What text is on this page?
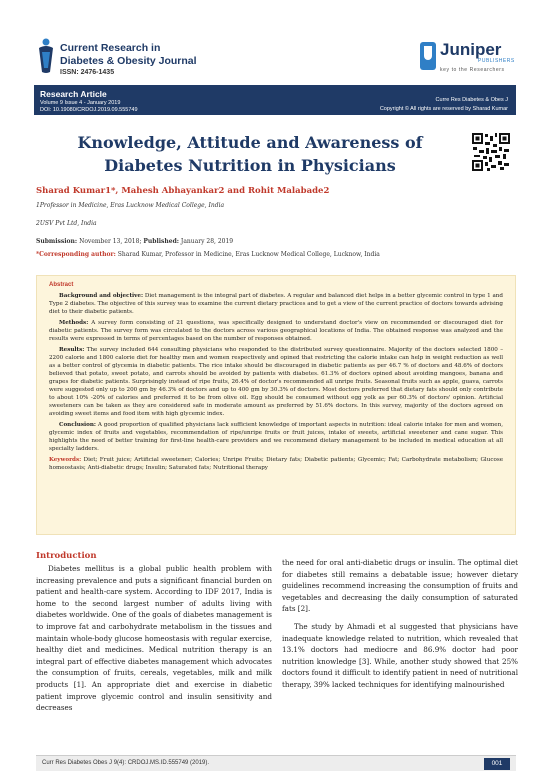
Current Research in
Diabetes & Obesity Journal
ISSN: 2476-1435
Juniper
PUBLISHERS
key to the Researchers
Research Article
Volume 9 Issue 4 - January 2019
DOI: 10.19080/CRDOJ.2019.09.555749
Curre Res Diabetes & Obes J
Copyright © All rights are reserved by Sharad Kumar
Knowledge, Attitude and Awareness of
Diabetes Nutrition in Physicians
Sharad Kumar1*, Mahesh Abhayankar2 and Rohit Malabade2
1Professor in Medicine, Eras Lucknow Medical College, India
2USV Pvt Ltd, India
Submission: November 13, 2018; Published: January 28, 2019
*Corresponding author: Sharad Kumar, Professor in Medicine, Eras Lucknow Medical College, Lucknow, India
Abstract

Background and objective: Diet management is the integral part of diabetes. A regular and balanced diet helps in a better glycemic control in type 1 and Type 2 diabetes. The objective of this survey was to examine the current dietary practices and to get a view of the current practice of doctors towards advising diet to their diabetic patients.

Methods: A survey form consisting of 21 questions, was specifically designed to understand doctor's view on recommended or discouraged diet for diabetic patients. The survey form was circulated to the doctors across various geographical locations of India. The obtained response was analyzed and the results were expressed in terms of percentages based on the number of responses obtained.

Results: The survey included 644 consulting physicians who responded to the distributed survey questionnaire. Majority of the doctors selected 1800 – 2200 calorie and 1800 calorie diet for healthy men and women respectively and opined that restricting the calorie intake can help in weight reduction as well as a better control of glycemia in diabetic patients. The rice intake should be discouraged in diabetic patients as per 46.7 % of doctors and 48.6% of doctors believed that potato, sweet potato, and carrots should be avoided by patients with diabetes. 61.3% of doctors opined about avoiding mangoes, banana and grapes for diabetic patients. Surprisingly instead of ripe fruits, 26.4% of doctor's recommended all unripe fruits. Seasonal fruits such as apple, guava, carrots were suggested only up to 200 gm by 46.3% of doctors and up to 400 gm by 30.3% of doctors. Most doctors preferred that dietary fats should only contribute to about 10% -20% of calories and preferred it to be from olive oil. Egg should be consumed without egg yolk as per 60.3% of doctors' opinion. Artificial sweeteners can be taken as they are considered safe in moderate amount as preferred by 51.6% doctors. In this survey, majority of the doctors agreed on avoiding sweet items and food item with high glycemic index.

Conclusion: A good proportion of qualified physicians lack sufficient knowledge of important aspects in nutrition: ideal calorie intake for men and women, glycemic index of fruits and vegetables, recommendation of ripe/unripe fruits or fruit juices, intake of sweets, artificial sweetener and cane sugar. This highlights the need of better training for first-line health-care providers and we recommend dietary management to be included in medical education at all specialty ladders.

Keywords: Diet; Fruit juice; Artificial sweetener; Calories; Unripe Fruits; Dietary fats; Diabetic patients; Glycemic; Fat; Carbohydrate metabolism; Glucose homeostasis; Anti-diabetic drugs; Insulin; Saturated fats; Nutritional therapy

Introduction
Diabetes mellitus is a global public health problem with increasing prevalence and puts a significant financial burden on patient and health-care system. According to IDF 2017, India is home to the second largest number of adults living with diabetes worldwide. One of the goals of diabetes management is to improve fat and carbohydrate metabolism in the tissues and maintain whole-body glucose homeostasis with regular exercise, healthy diet and medicines. Medical nutrition therapy is an integral part of effective diabetes management which advocates the consumption of fruits, cereals, vegetables, milk and milk products [1]. An appropriate diet and exercise in diabetic patient improve glycemic control and insulin sensitivity and decreases

the need for oral anti-diabetic drugs or insulin. The optimal diet for diabetes still remains a debatable issue; however dietary guidelines recommend increasing the consumption of fruits and vegetables and decreasing the daily consumption of saturated fats [2].

The study by Ahmadi et al suggested that physicians have inadequate knowledge related to nutrition, which revealed that 13.1% doctors had mediocre and 86.9% doctor had poor nutrition knowledge [3]. While, another study showed that 25% doctors found it difficult to identify patient in need of nutritional therapy, 39% lacked techniques for identifying malnourished

Curr Res Diabetes Obes J 9(4): CRDOJ.MS.ID.555749 (2019).	001
